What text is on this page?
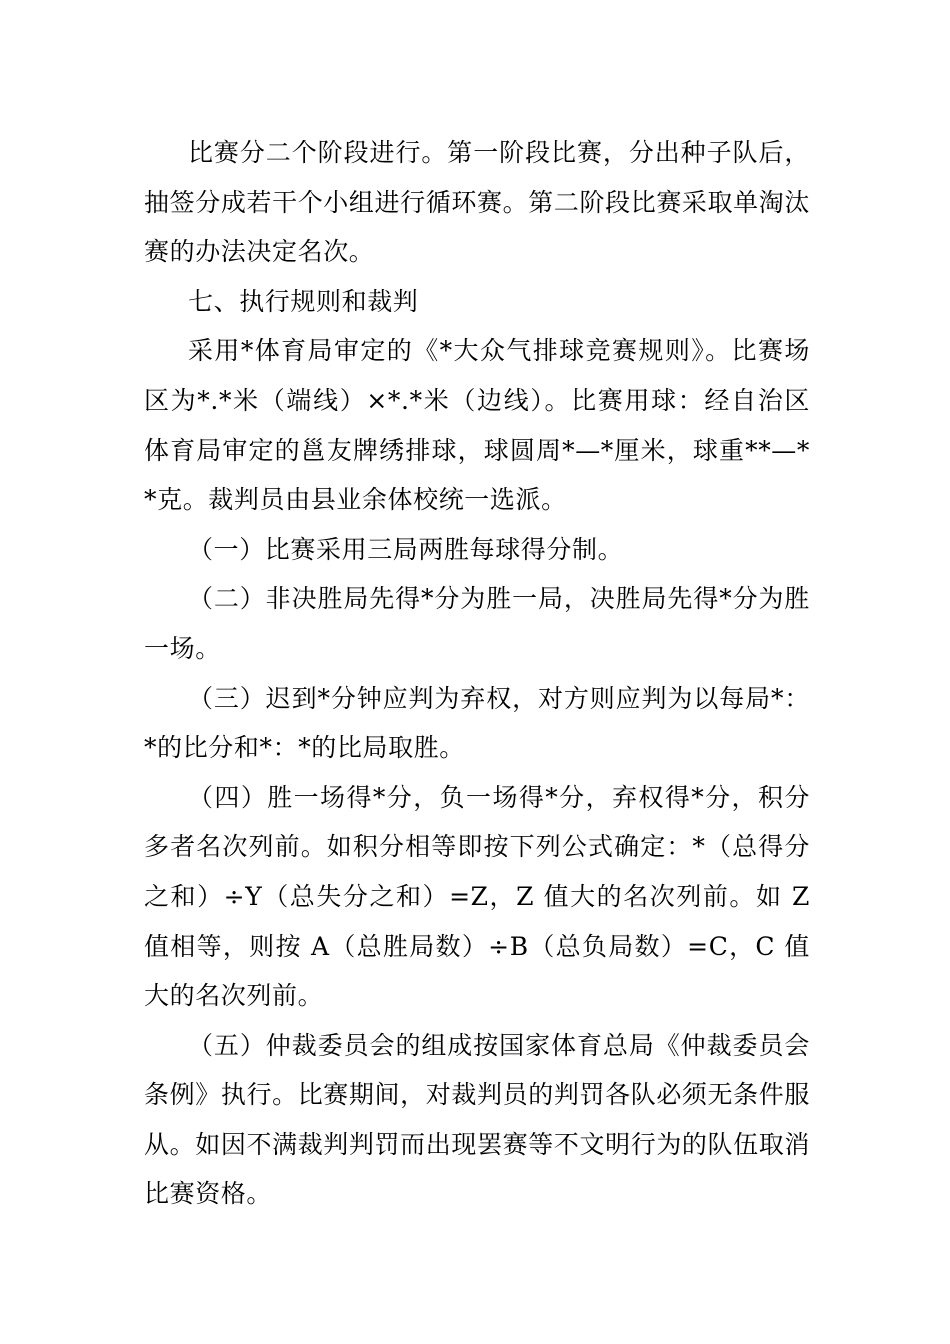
比赛分二个阶段进行。第一阶段比赛，分出种子队后，抽签分成若干个小组进行循环赛。第二阶段比赛采取单淘汰赛的办法决定名次。

七、执行规则和裁判

采用*体育局审定的《*大众气排球竞赛规则》。比赛场区为*.*米（端线）×*.*米（边线）。比赛用球：经自治区体育局审定的邕友牌绣排球，球圆周*—*厘米，球重**—**克。裁判员由县业余体校统一选派。

（一）比赛采用三局两胜每球得分制。

（二）非决胜局先得*分为胜一局，决胜局先得*分为胜一场。

（三）迟到*分钟应判为弃权，对方则应判为以每局*：*的比分和*：*的比局取胜。

（四）胜一场得*分，负一场得*分，弃权得*分，积分多者名次列前。如积分相等即按下列公式确定：*（总得分之和）÷Y（总失分之和）=Z，Z 值大的名次列前。如 Z 值相等，则按 A（总胜局数）÷B（总负局数）=C，C 值大的名次列前。

（五）仲裁委员会的组成按国家体育总局《仲裁委员会条例》执行。比赛期间，对裁判员的判罚各队必须无条件服从。如因不满裁判判罚而出现罢赛等不文明行为的队伍取消比赛资格。
